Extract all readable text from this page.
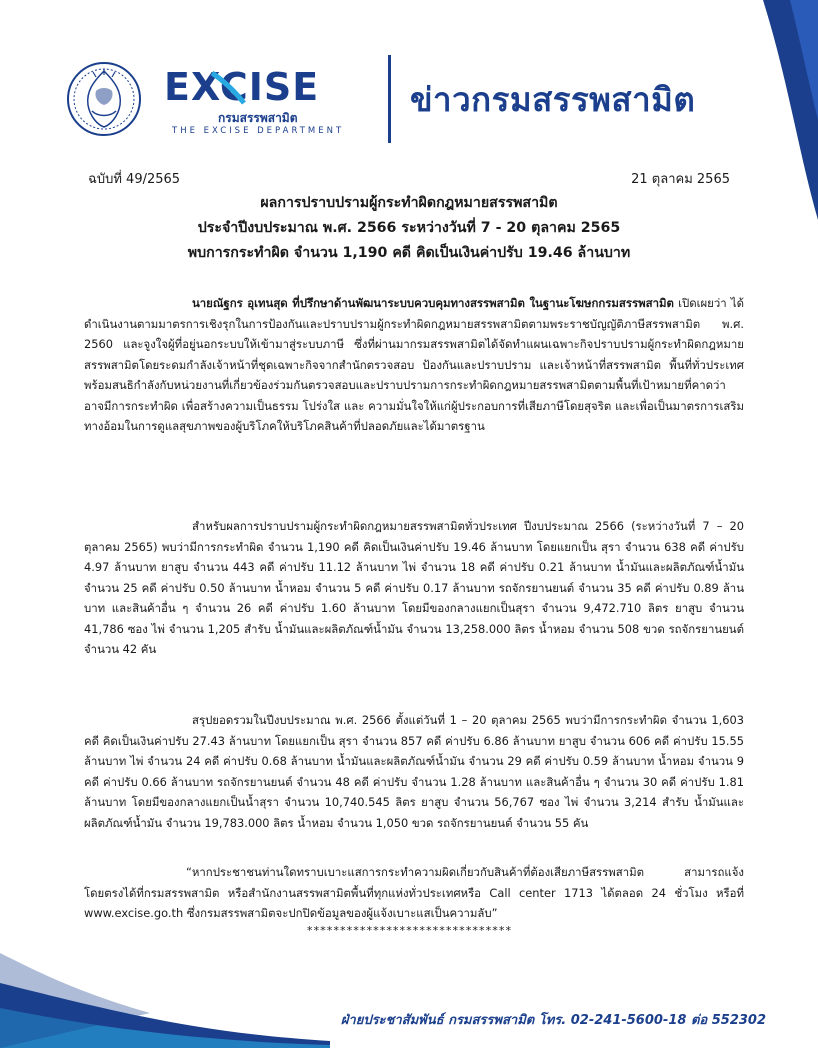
EXCISE
กรมสรรพสามิต
THE EXCISE DEPARTMENT
ข่าวกรมสรรพสามิต
ฉบับที่ 49/2565	21 ตุลาคม 2565
ผลการปราบปรามผู้กระทำผิดกฎหมายสรรพสามิต
ประจำปีงบประมาณ พ.ศ. 2566 ระหว่างวันที่ 7 - 20 ตุลาคม 2565
พบการกระทำผิด จำนวน 1,190 คดี คิดเป็นเงินค่าปรับ 19.46 ล้านบาท
นายณัฐกร อุเทนสุด ที่ปรึกษาด้านพัฒนาระบบควบคุมทางสรรพสามิต ในฐานะโฆษกกรมสรรพสามิต เปิดเผยว่า ได้ดำเนินงานตามมาตรการเชิงรุกในการป้องกันและปราบปรามผู้กระทำผิดกฎหมายสรรพสามิตตามพระราชบัญญัติภาษีสรรพสามิต พ.ศ. 2560 และจูงใจผู้ที่อยู่นอกระบบให้เข้ามาสู่ระบบภาษี ซึ่งที่ผ่านมากรมสรรพสามิตได้จัดทำแผนเฉพาะกิจปราบปรามผู้กระทำผิดกฎหมายสรรพสามิตโดยระดมกำลังเจ้าหน้าที่ชุดเฉพาะกิจจากสำนักตรวจสอบ ป้องกันและปราบปราม และเจ้าหน้าที่สรรพสามิต พื้นที่ทั่วประเทศพร้อมสนธิกำลังกับหน่วยงานที่เกี่ยวข้องร่วมกันตรวจสอบและปราบปรามการกระทำผิดกฎหมายสรรพสามิตตามพื้นที่เป้าหมายที่คาดว่าอาจมีการกระทำผิด เพื่อสร้างความเป็นธรรม โปร่งใส และ ความมั่นใจให้แก่ผู้ประกอบการที่เสียภาษีโดยสุจริต และเพื่อเป็นมาตรการเสริมทางอ้อมในการดูแลสุขภาพของผู้บริโภคให้บริโภคสินค้าที่ปลอดภัยและได้มาตรฐาน
สำหรับผลการปราบปรามผู้กระทำผิดกฎหมายสรรพสามิตทั่วประเทศ ปีงบประมาณ 2566 (ระหว่างวันที่ 7 – 20 ตุลาคม 2565) พบว่ามีการกระทำผิด จำนวน 1,190 คดี คิดเป็นเงินค่าปรับ 19.46 ล้านบาท โดยแยกเป็น สุรา จำนวน 638 คดี ค่าปรับ 4.97 ล้านบาท ยาสูบ จำนวน 443 คดี ค่าปรับ 11.12 ล้านบาท ไพ่ จำนวน 18 คดี ค่าปรับ 0.21 ล้านบาท น้ำมันและผลิตภัณฑ์น้ำมัน จำนวน 25 คดี ค่าปรับ 0.50 ล้านบาท น้ำหอม จำนวน 5 คดี ค่าปรับ 0.17 ล้านบาท รถจักรยานยนต์ จำนวน 35 คดี ค่าปรับ 0.89 ล้านบาท และสินค้าอื่น ๆ จำนวน 26 คดี ค่าปรับ 1.60 ล้านบาท โดยมีของกลางแยกเป็นสุรา จำนวน 9,472.710 ลิตร ยาสูบ จำนวน 41,786 ซอง ไพ่ จำนวน 1,205 สำรับ น้ำมันและผลิตภัณฑ์น้ำมัน จำนวน 13,258.000 ลิตร น้ำหอม จำนวน 508 ขวด รถจักรยานยนต์ จำนวน 42 คัน
สรุปยอดรวมในปีงบประมาณ พ.ศ. 2566 ตั้งแต่วันที่ 1 – 20 ตุลาคม 2565 พบว่ามีการกระทำผิด จำนวน 1,603 คดี คิดเป็นเงินค่าปรับ 27.43 ล้านบาท โดยแยกเป็น สุรา จำนวน 857 คดี ค่าปรับ 6.86 ล้านบาท ยาสูบ จำนวน 606 คดี ค่าปรับ 15.55 ล้านบาท ไพ่ จำนวน 24 คดี ค่าปรับ 0.68 ล้านบาท น้ำมันและผลิตภัณฑ์น้ำมัน จำนวน 29 คดี ค่าปรับ 0.59 ล้านบาท น้ำหอม จำนวน 9 คดี ค่าปรับ 0.66 ล้านบาท รถจักรยานยนต์ จำนวน 48 คดี ค่าปรับ จำนวน 1.28 ล้านบาท และสินค้าอื่น ๆ จำนวน 30 คดี ค่าปรับ 1.81 ล้านบาท โดยมีของกลางแยกเป็นน้ำสุรา จำนวน 10,740.545 ลิตร ยาสูบ จำนวน 56,767 ซอง ไพ่ จำนวน 3,214 สำรับ น้ำมันและผลิตภัณฑ์น้ำมัน จำนวน 19,783.000 ลิตร น้ำหอม จำนวน 1,050 ขวด รถจักรยานยนต์ จำนวน 55 คัน
“หากประชาชนท่านใดทราบเบาะแสการกระทำความผิดเกี่ยวกับสินค้าที่ต้องเสียภาษีสรรพสามิต สามารถแจ้งโดยตรงได้ที่กรมสรรพสามิต หรือสำนักงานสรรพสามิตพื้นที่ทุกแห่งทั่วประเทศหรือ Call center 1713 ได้ตลอด 24 ชั่วโมง หรือที่ www.excise.go.th ซึ่งกรมสรรพสามิตจะปกปิดข้อมูลของผู้แจ้งเบาะแสเป็นความลับ”
*******************************
ฝ่ายประชาสัมพันธ์ กรมสรรพสามิต โทร. 02-241-5600-18 ต่อ 552302
